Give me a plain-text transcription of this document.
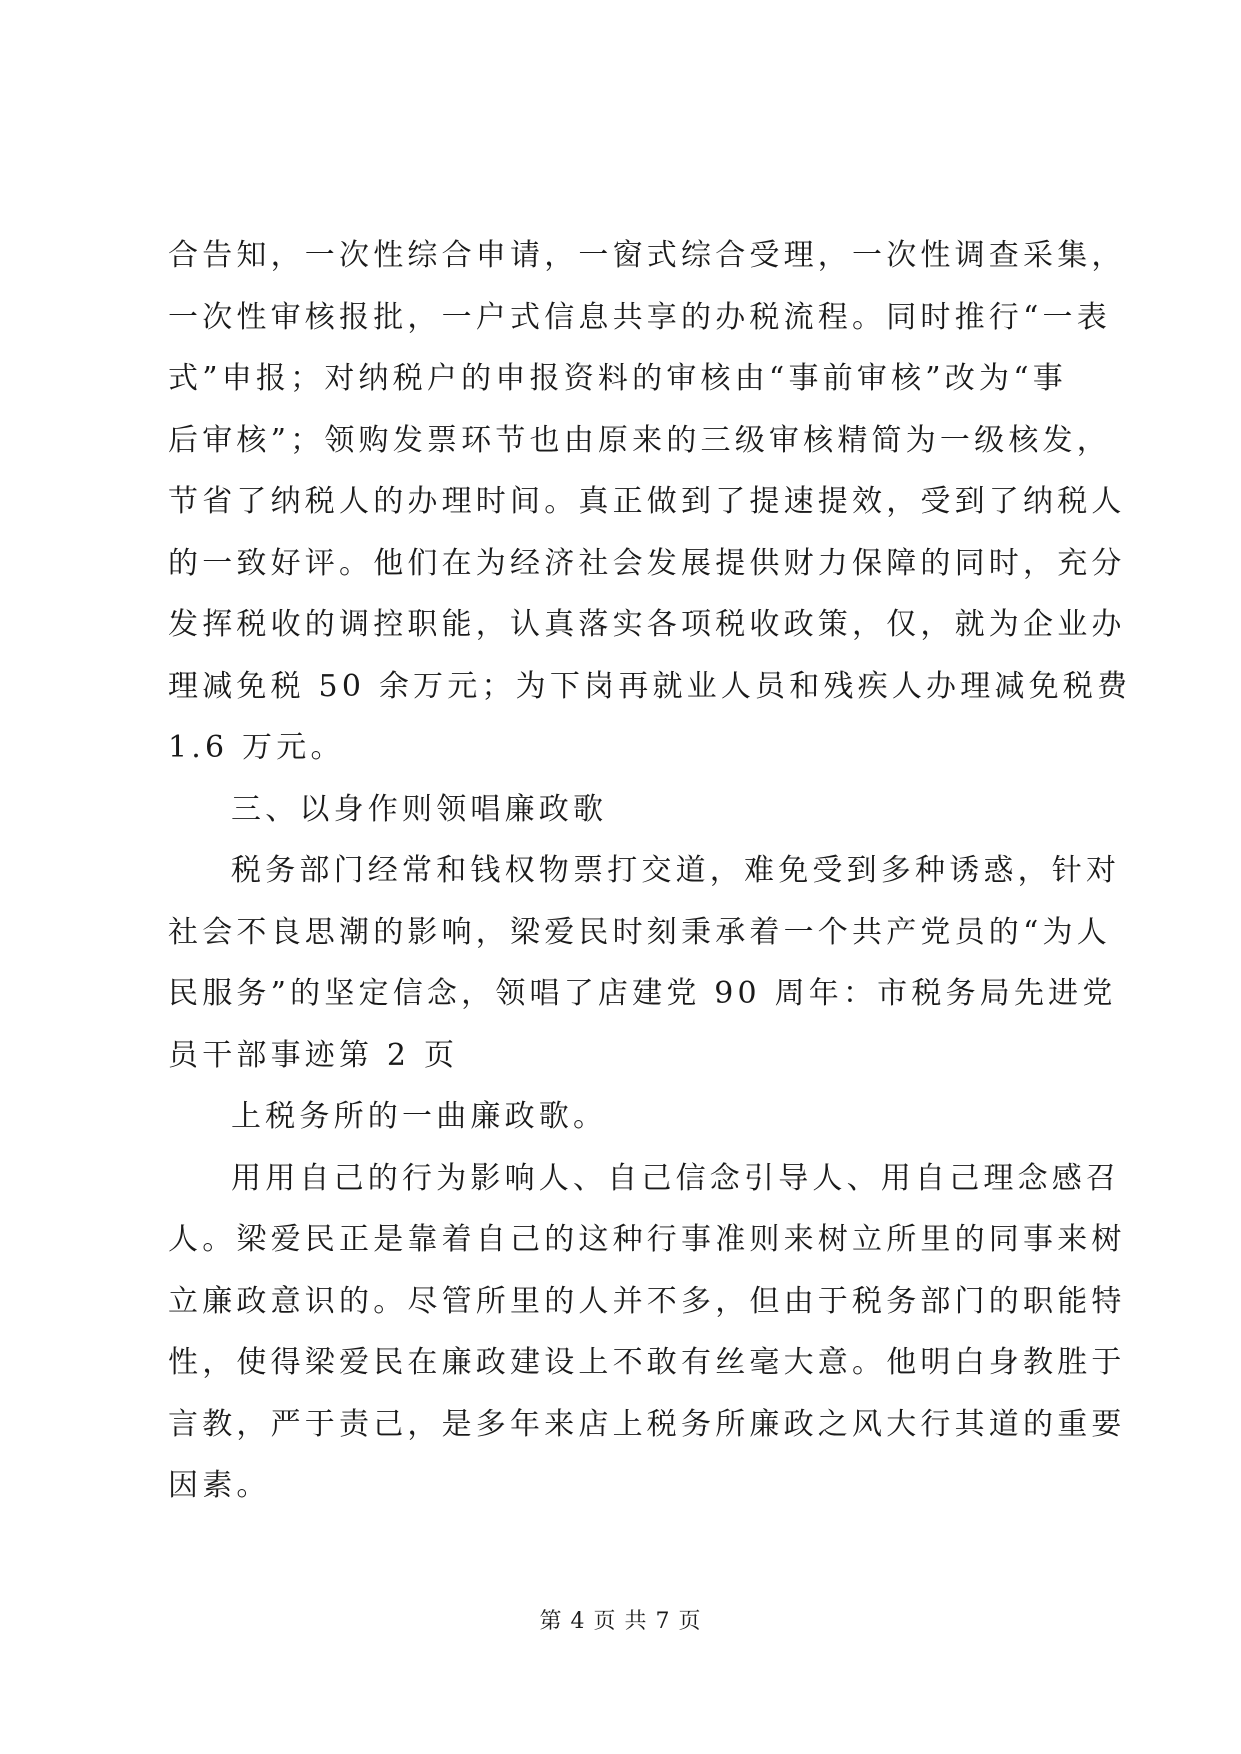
合告知，一次性综合申请，一窗式综合受理，一次性调查采集，
一次性审核报批，一户式信息共享的办税流程。同时推行“一表
式”申报；对纳税户的申报资料的审核由“事前审核”改为“事
后审核”；领购发票环节也由原来的三级审核精简为一级核发，
节省了纳税人的办理时间。真正做到了提速提效，受到了纳税人
的一致好评。他们在为经济社会发展提供财力保障的同时，充分
发挥税收的调控职能，认真落实各项税收政策，仅，就为企业办
理减免税 50 余万元；为下岗再就业人员和残疾人办理减免税费
1.6 万元。
三、以身作则领唱廉政歌
税务部门经常和钱权物票打交道，难免受到多种诱惑，针对
社会不良思潮的影响，梁爱民时刻秉承着一个共产党员的“为人
民服务”的坚定信念，领唱了店建党 90 周年：市税务局先进党
员干部事迹第 2 页
上税务所的一曲廉政歌。
用用自己的行为影响人、自己信念引导人、用自己理念感召
人。梁爱民正是靠着自己的这种行事准则来树立所里的同事来树
立廉政意识的。尽管所里的人并不多，但由于税务部门的职能特
性，使得梁爱民在廉政建设上不敢有丝毫大意。他明白身教胜于
言教，严于责己，是多年来店上税务所廉政之风大行其道的重要
因素。
第 4 页 共 7 页
